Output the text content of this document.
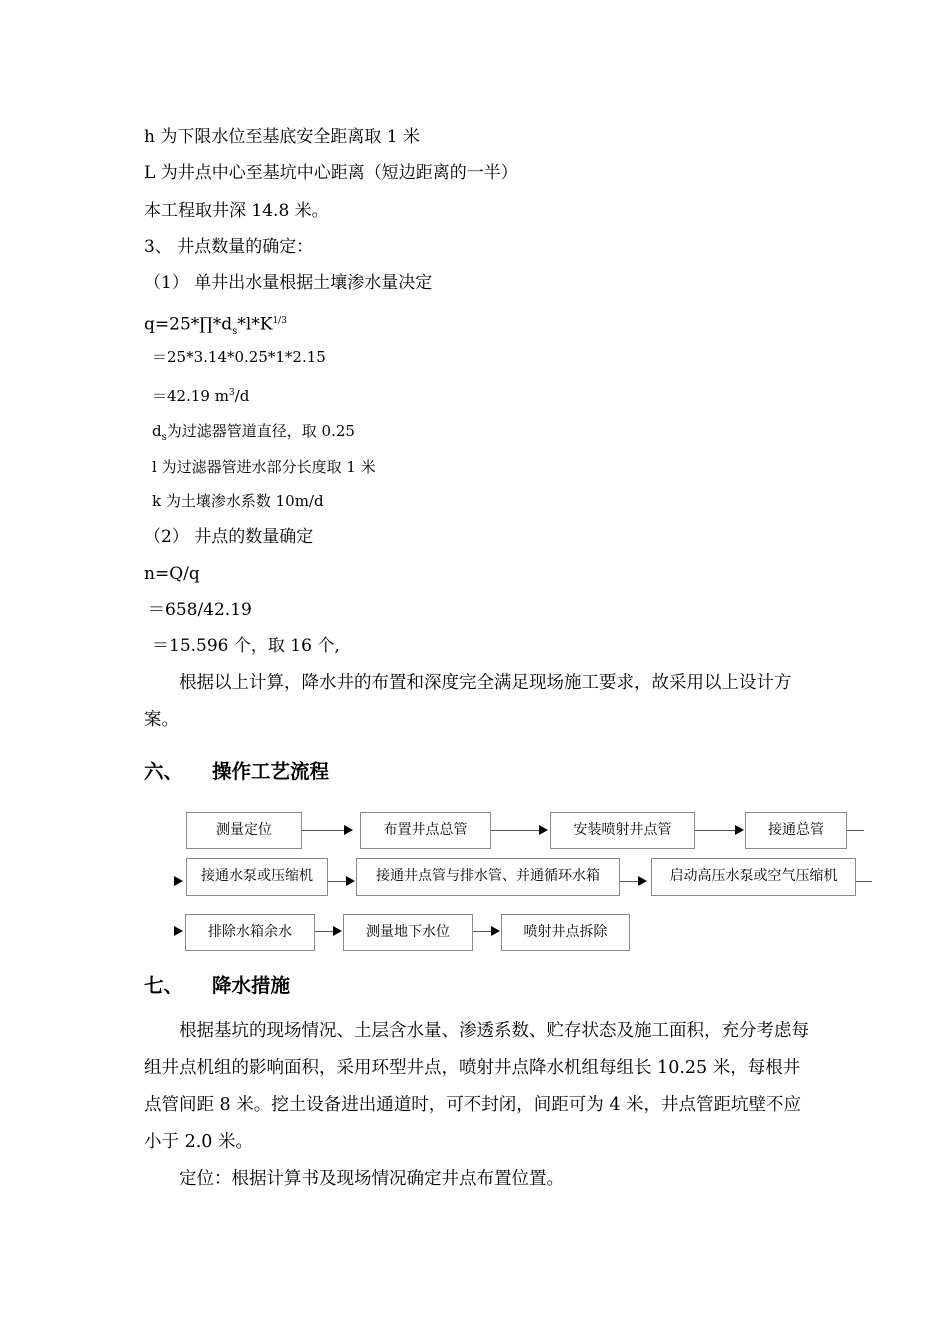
h 为下限水位至基底安全距离取 1 米
L 为井点中心至基坑中心距离（短边距离的一半）
本工程取井深 14.8 米。
3、 井点数量的确定：
（1） 单井出水量根据土壤渗水量决定
$q=25*\prod*d_s*l*K^{1/3}$
＝25*3.14*0.25*1*2.15
＝42.19 $m^3/d$
$d_s$为过滤器管道直径，取 0.25
l 为过滤器管进水部分长度取 1 米
k 为土壤渗水系数 10m/d
（2） 井点的数量确定
n=Q/q
＝658/42.19
＝15.596 个，取 16 个,
根据以上计算，降水井的布置和深度完全满足现场施工要求，故采用以上设计方案。
六、 操作工艺流程
测量定位	布置井点总管	安装喷射井点管	接通总管
接通水泵或压缩机	接通井点管与排水管、并通循环水箱	启动高压水泵或空气压缩机
排除水箱余水	测量地下水位	喷射井点拆除
七、 降水措施
根据基坑的现场情况、土层含水量、渗透系数、贮存状态及施工面积，充分考虑每组井点机组的影响面积，采用环型井点，喷射井点降水机组每组长 10.25 米，每根井点管间距 8 米。挖土设备进出通道时，可不封闭，间距可为 4 米，井点管距坑壁不应小于 2.0 米。
定位：根据计算书及现场情况确定井点布置位置。
